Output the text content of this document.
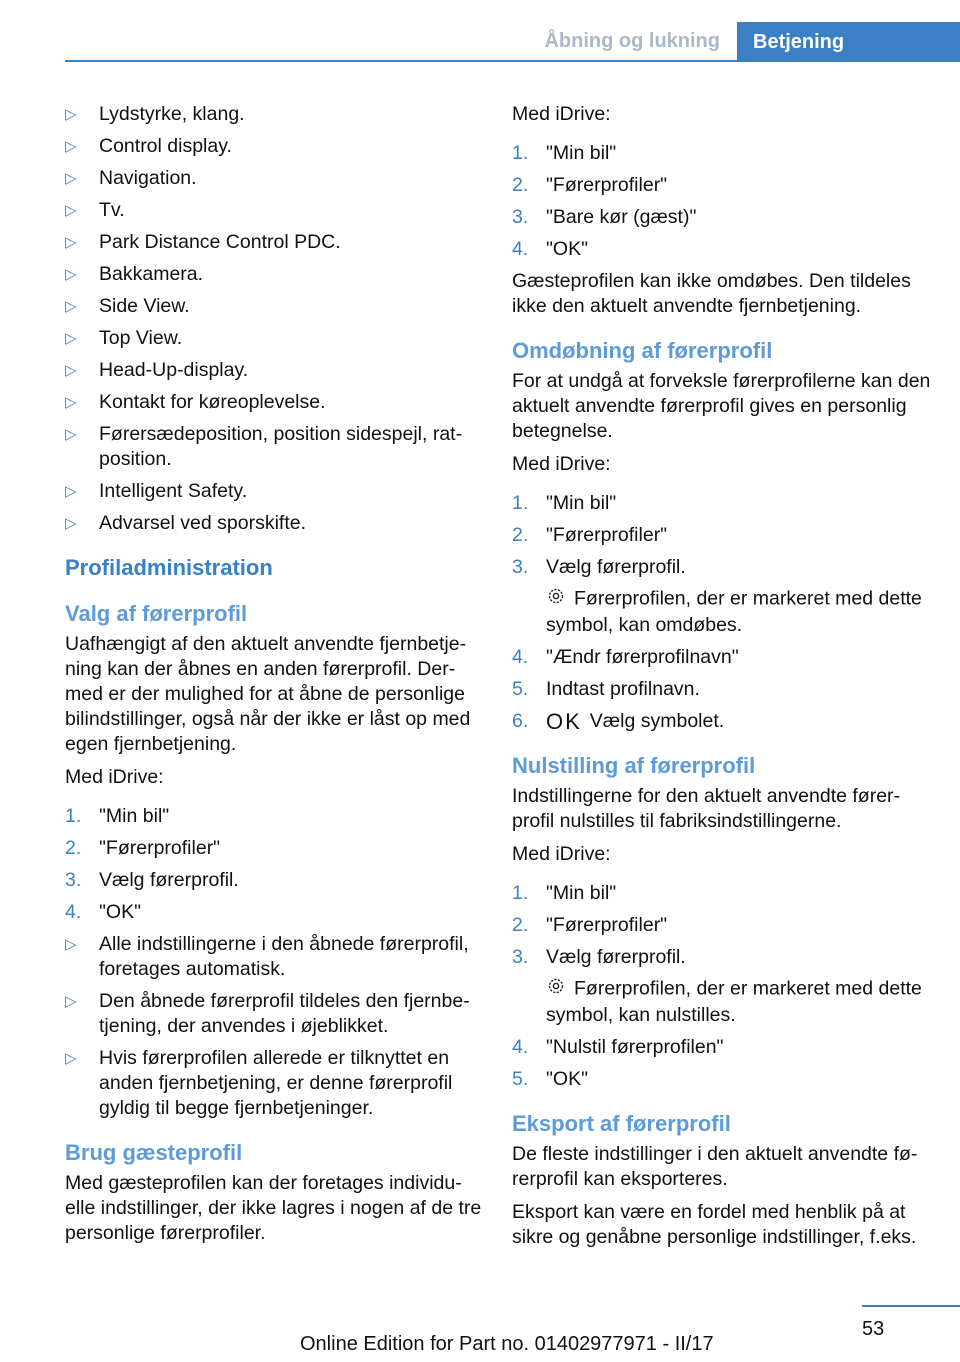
Åbning og lukning	Betjening
▷ Lydstyrke, klang.
▷ Control display.
▷ Navigation.
▷ Tv.
▷ Park Distance Control PDC.
▷ Bakkamera.
▷ Side View.
▷ Top View.
▷ Head-Up-display.
▷ Kontakt for køreoplevelse.
▷ Førersædeposition, position sidespejl, ratposition.
▷ Intelligent Safety.
▷ Advarsel ved sporskifte.
Profiladministration
Valg af førerprofil

Uafhængigt af den aktuelt anvendte fjernbetjening kan der åbnes en anden førerprofil. Dermed er der mulighed for at åbne de personlige bilindstillinger, også når der ikke er låst op med egen fjernbetjening.

Med iDrive:

1. "Min bil"
2. "Førerprofiler"
3. Vælg førerprofil.
4. "OK"
▷ Alle indstillingerne i den åbnede førerprofil, foretages automatisk.
▷ Den åbnede førerprofil tildeles den fjernbetjening, der anvendes i øjeblikket.
▷ Hvis førerprofilen allerede er tilknyttet en anden fjernbetjening, er denne førerprofil gyldig til begge fjernbetjeninger.
Brug gæsteprofil

Med gæsteprofilen kan der foretages individuelle indstillinger, der ikke lagres i nogen af de tre personlige førerprofiler.

Med iDrive:

1. "Min bil"
2. "Førerprofiler"
3. "Bare kør (gæst)"
4. "OK"

Gæsteprofilen kan ikke omdøbes. Den tildeles ikke den aktuelt anvendte fjernbetjening.

Omdøbning af førerprofil

For at undgå at forveksle førerprofilerne kan den aktuelt anvendte førerprofil gives en personlig betegnelse.

Med iDrive:

1. "Min bil"
2. "Førerprofiler"
3. Vælg førerprofil.
Førerprofilen, der er markeret med dette symbol, kan omdøbes.
4. "Ændr førerprofilnavn"
5. Indtast profilnavn.
6. OK Vælg symbolet.
Nulstilling af førerprofil

Indstillingerne for den aktuelt anvendte førerprofil nulstilles til fabriksindstillingerne.

Med iDrive:

1. "Min bil"
2. "Førerprofiler"
3. Vælg førerprofil.
Førerprofilen, der er markeret med dette symbol, kan nulstilles.
4. "Nulstil førerprofilen"
5. "OK"
Eksport af førerprofil

De fleste indstillinger i den aktuelt anvendte førerprofil kan eksporteres.

Eksport kan være en fordel med henblik på at sikre og genåbne personlige indstillinger, f.eks.

53
Online Edition for Part no. 01402977971 - II/17
